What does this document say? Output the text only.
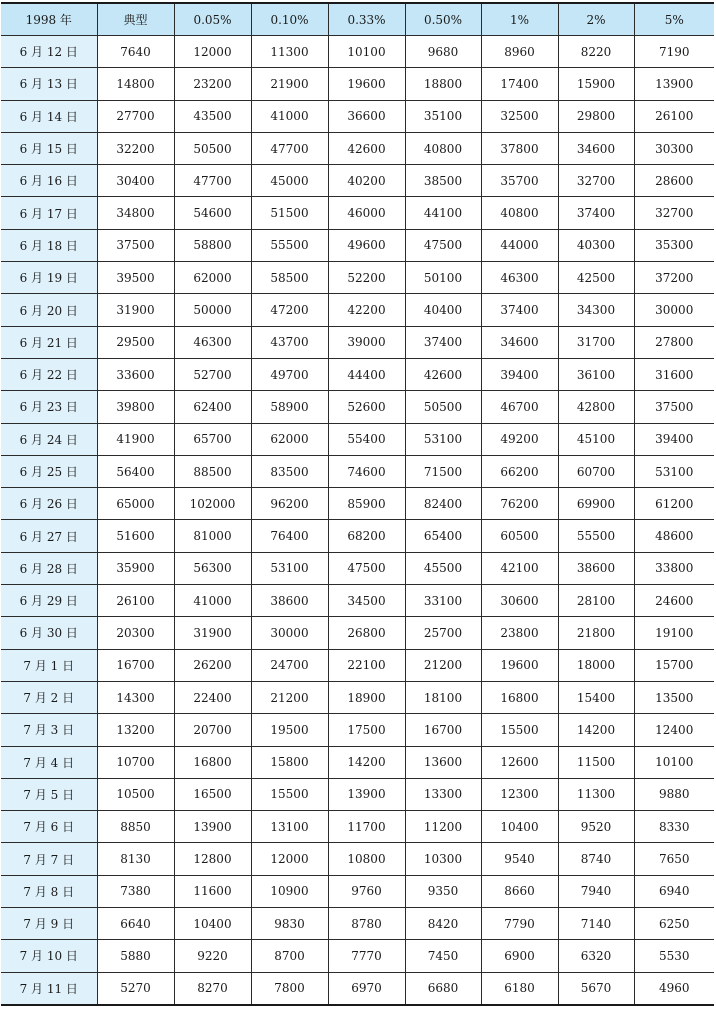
1998 年	典型	0.05%	0.10%	0.33%	0.50%	1%	2%	5%
6 月 12 日	7640	12000	11300	10100	9680	8960	8220	7190
6 月 13 日	14800	23200	21900	19600	18800	17400	15900	13900
6 月 14 日	27700	43500	41000	36600	35100	32500	29800	26100
6 月 15 日	32200	50500	47700	42600	40800	37800	34600	30300
6 月 16 日	30400	47700	45000	40200	38500	35700	32700	28600
6 月 17 日	34800	54600	51500	46000	44100	40800	37400	32700
6 月 18 日	37500	58800	55500	49600	47500	44000	40300	35300
6 月 19 日	39500	62000	58500	52200	50100	46300	42500	37200
6 月 20 日	31900	50000	47200	42200	40400	37400	34300	30000
6 月 21 日	29500	46300	43700	39000	37400	34600	31700	27800
6 月 22 日	33600	52700	49700	44400	42600	39400	36100	31600
6 月 23 日	39800	62400	58900	52600	50500	46700	42800	37500
6 月 24 日	41900	65700	62000	55400	53100	49200	45100	39400
6 月 25 日	56400	88500	83500	74600	71500	66200	60700	53100
6 月 26 日	65000	102000	96200	85900	82400	76200	69900	61200
6 月 27 日	51600	81000	76400	68200	65400	60500	55500	48600
6 月 28 日	35900	56300	53100	47500	45500	42100	38600	33800
6 月 29 日	26100	41000	38600	34500	33100	30600	28100	24600
6 月 30 日	20300	31900	30000	26800	25700	23800	21800	19100
7 月 1 日	16700	26200	24700	22100	21200	19600	18000	15700
7 月 2 日	14300	22400	21200	18900	18100	16800	15400	13500
7 月 3 日	13200	20700	19500	17500	16700	15500	14200	12400
7 月 4 日	10700	16800	15800	14200	13600	12600	11500	10100
7 月 5 日	10500	16500	15500	13900	13300	12300	11300	9880
7 月 6 日	8850	13900	13100	11700	11200	10400	9520	8330
7 月 7 日	8130	12800	12000	10800	10300	9540	8740	7650
7 月 8 日	7380	11600	10900	9760	9350	8660	7940	6940
7 月 9 日	6640	10400	9830	8780	8420	7790	7140	6250
7 月 10 日	5880	9220	8700	7770	7450	6900	6320	5530
7 月 11 日	5270	8270	7800	6970	6680	6180	5670	4960
